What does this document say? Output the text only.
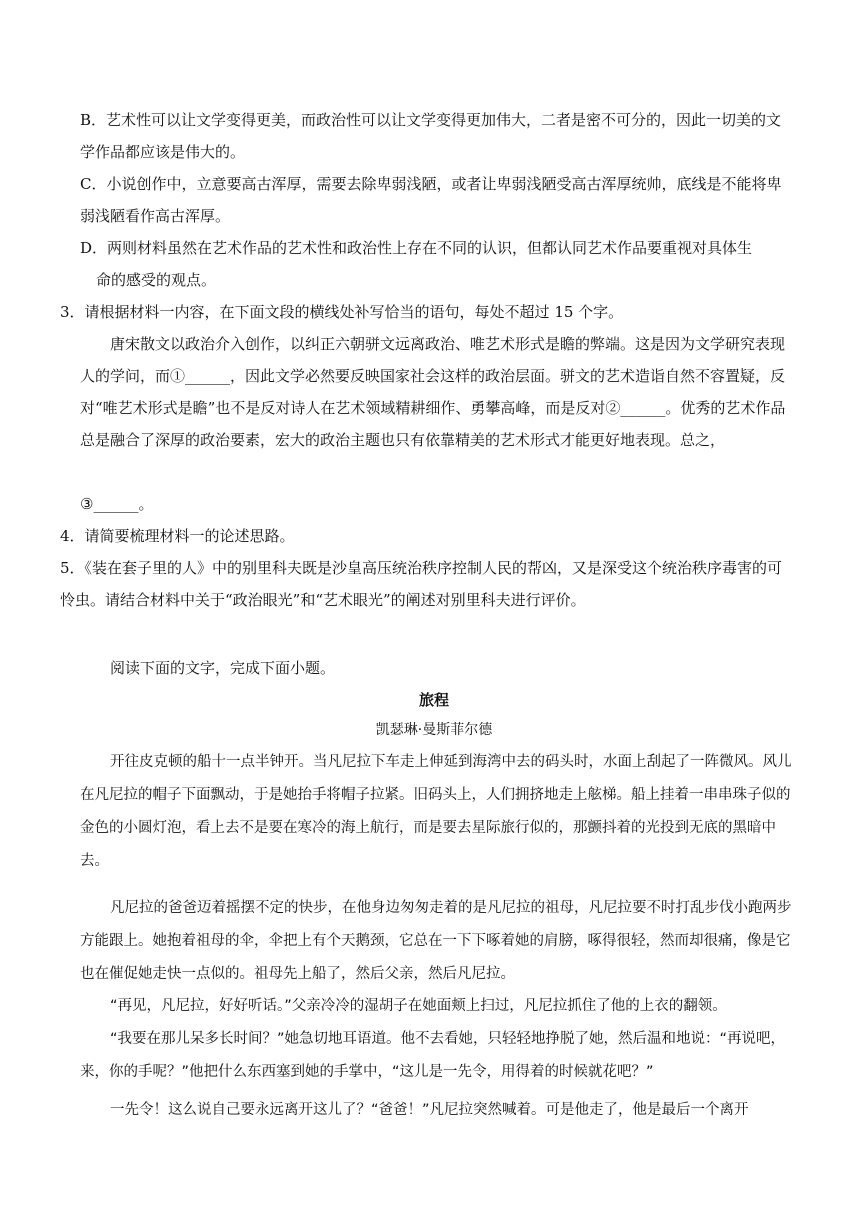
B．艺术性可以让文学变得更美，而政治性可以让文学变得更加伟大，二者是密不可分的，因此一切美的文学作品都应该是伟大的。

C．小说创作中，立意要高古浑厚，需要去除卑弱浅陋，或者让卑弱浅陋受高古浑厚统帅，底线是不能将卑弱浅陋看作高古浑厚。

D．两则材料虽然在艺术作品的艺术性和政治性上存在不同的认识，但都认同艺术作品要重视对具体生

命的感受的观点。

3．请根据材料一内容，在下面文段的横线处补写恰当的语句，每处不超过 15 个字。

唐宋散文以政治介入创作，以纠正六朝骈文远离政治、唯艺术形式是瞻的弊端。这是因为文学研究表现人的学问，而①______，因此文学必然要反映国家社会这样的政治层面。骈文的艺术造诣自然不容置疑，反对“唯艺术形式是瞻”也不是反对诗人在艺术领域精耕细作、勇攀高峰，而是反对②______。优秀的艺术作品总是融合了深厚的政治要素，宏大的政治主题也只有依靠精美的艺术形式才能更好地表现。总之，

③______。

4．请简要梳理材料一的论述思路。

5．《装在套子里的人》中的别里科夫既是沙皇高压统治秩序控制人民的帮凶，又是深受这个统治秩序毒害的可怜虫。请结合材料中关于“政治眼光”和“艺术眼光”的阐述对别里科夫进行评价。

阅读下面的文字，完成下面小题。

旅程

凯瑟琳·曼斯菲尔德

开往皮克顿的船十一点半钟开。当凡尼拉下车走上伸延到海湾中去的码头时，水面上刮起了一阵微风。风儿在凡尼拉的帽子下面飘动，于是她抬手将帽子拉紧。旧码头上，人们拥挤地走上舷梯。船上挂着一串串珠子似的金色的小圆灯泡，看上去不是要在寒冷的海上航行，而是要去星际旅行似的，那颤抖着的光投到无底的黑暗中去。

凡尼拉的爸爸迈着摇摆不定的快步，在他身边匆匆走着的是凡尼拉的祖母，凡尼拉要不时打乱步伐小跑两步方能跟上。她抱着祖母的伞，伞把上有个天鹅颈，它总在一下下啄着她的肩膀，啄得很轻，然而却很痛，像是它也在催促她走快一点似的。祖母先上船了，然后父亲，然后凡尼拉。

“再见，凡尼拉，好好听话。”父亲冷冷的湿胡子在她面颊上扫过，凡尼拉抓住了他的上衣的翻领。

“我要在那儿呆多长时间？”她急切地耳语道。他不去看她，只轻轻地挣脱了她，然后温和地说：“再说吧，来，你的手呢？”他把什么东西塞到她的手掌中，“这儿是一先令，用得着的时候就花吧？”

一先令！这么说自己要永远离开这儿了？“爸爸！”凡尼拉突然喊着。可是他走了，他是最后一个离开
